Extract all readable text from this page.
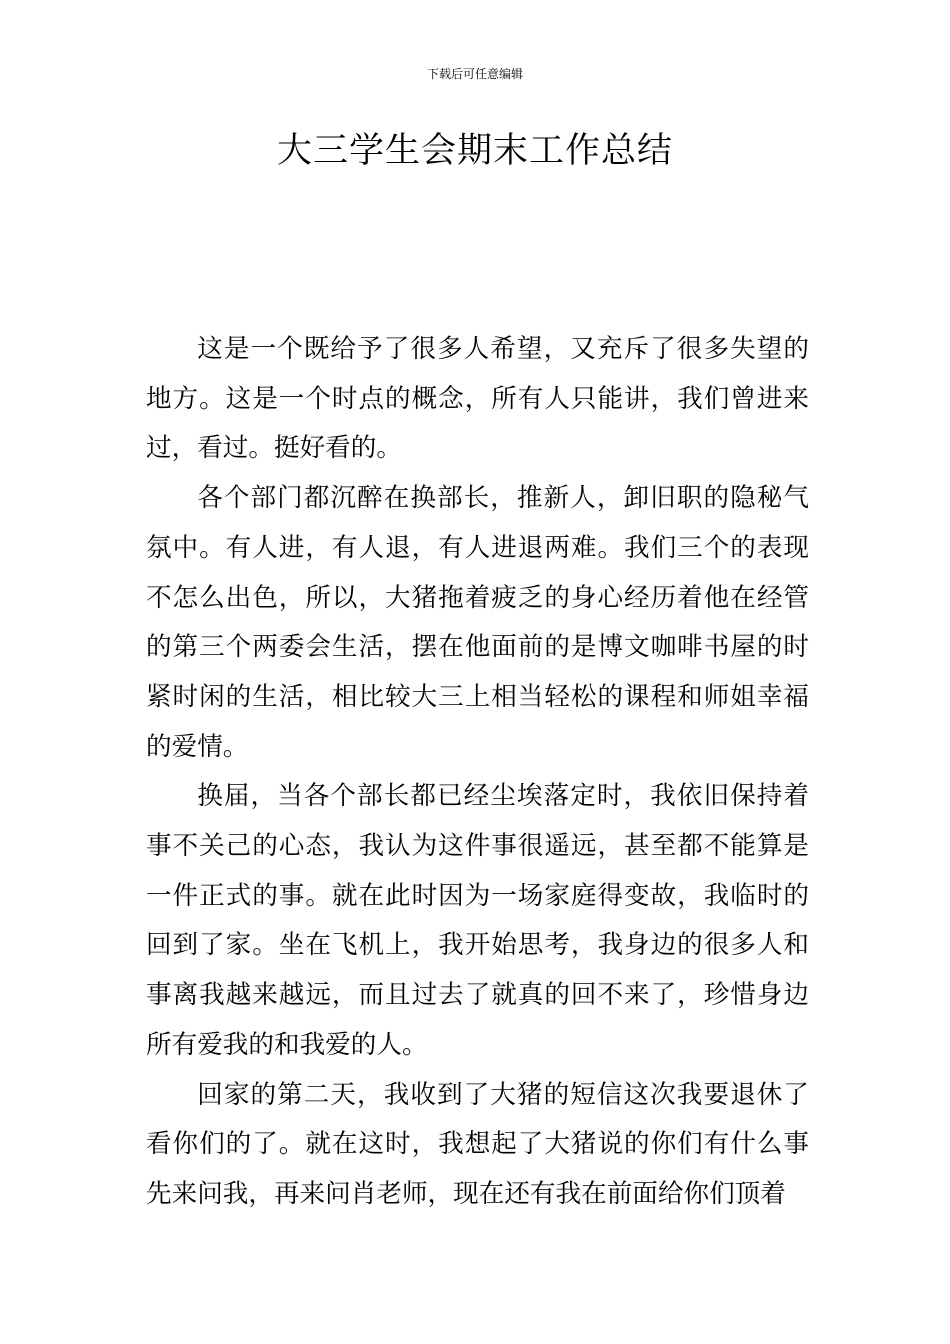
下载后可任意编辑
大三学生会期末工作总结

这是一个既给予了很多人希望，又充斥了很多失望的地方。这是一个时点的概念，所有人只能讲，我们曾进来过，看过。挺好看的。

各个部门都沉醉在换部长，推新人，卸旧职的隐秘气氛中。有人进，有人退，有人进退两难。我们三个的表现不怎么出色，所以，大猪拖着疲乏的身心经历着他在经管的第三个两委会生活，摆在他面前的是博文咖啡书屋的时紧时闲的生活，相比较大三上相当轻松的课程和师姐幸福的爱情。

换届，当各个部长都已经尘埃落定时，我依旧保持着事不关己的心态，我认为这件事很遥远，甚至都不能算是一件正式的事。就在此时因为一场家庭得变故，我临时的回到了家。坐在飞机上，我开始思考，我身边的很多人和事离我越来越远，而且过去了就真的回不来了，珍惜身边所有爱我的和我爱的人。

回家的第二天，我收到了大猪的短信这次我要退休了看你们的了。就在这时，我想起了大猪说的你们有什么事先来问我，再来问肖老师，现在还有我在前面给你们顶着
